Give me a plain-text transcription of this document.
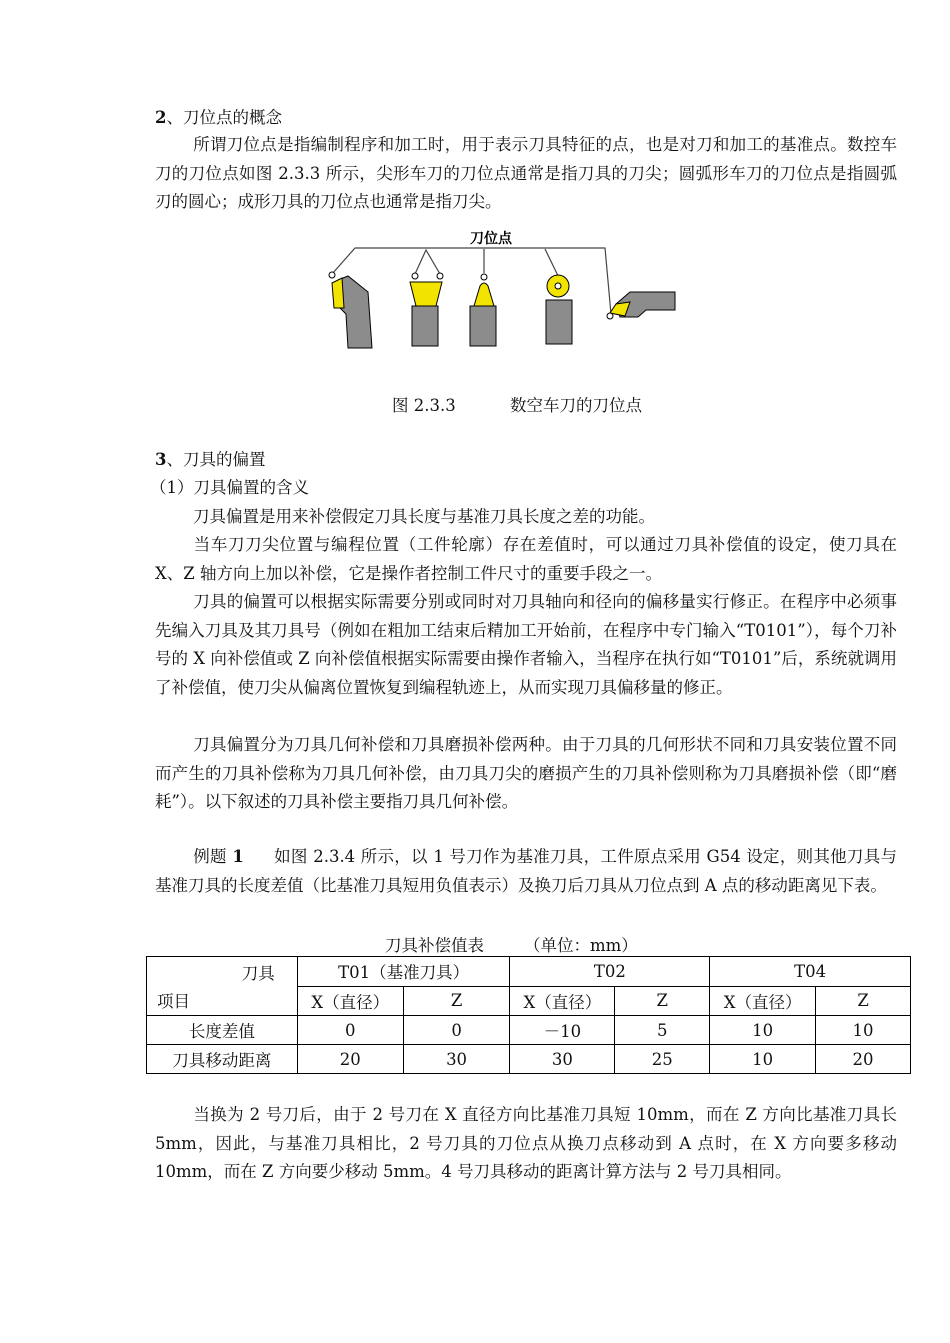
2、刀位点的概念
所谓刀位点是指编制程序和加工时，用于表示刀具特征的点，也是对刀和加工的基准点。数控车刀的刀位点如图 2.3.3 所示，尖形车刀的刀位点通常是指刀具的刀尖；圆弧形车刀的刀位点是指圆弧刃的圆心；成形刀具的刀位点也通常是指刀尖。
刀位点
图 2.3.3	数空车刀的刀位点
3、刀具的偏置
（1）刀具偏置的含义
刀具偏置是用来补偿假定刀具长度与基准刀具长度之差的功能。
当车刀刀尖位置与编程位置（工件轮廓）存在差值时，可以通过刀具补偿值的设定，使刀具在 X、Z 轴方向上加以补偿，它是操作者控制工件尺寸的重要手段之一。
刀具的偏置可以根据实际需要分别或同时对刀具轴向和径向的偏移量实行修正。在程序中必须事先编入刀具及其刀具号（例如在粗加工结束后精加工开始前，在程序中专门输入“T0101”），每个刀补号的 X 向补偿值或 Z 向补偿值根据实际需要由操作者输入，当程序在执行如“T0101”后，系统就调用了补偿值，使刀尖从偏离位置恢复到编程轨迹上，从而实现刀具偏移量的修正。
刀具偏置分为刀具几何补偿和刀具磨损补偿两种。由于刀具的几何形状不同和刀具安装位置不同而产生的刀具补偿称为刀具几何补偿，由刀具刀尖的磨损产生的刀具补偿则称为刀具磨损补偿（即“磨耗”）。以下叙述的刀具补偿主要指刀具几何补偿。
例题 1 如图 2.3.4 所示，以 1 号刀作为基准刀具，工件原点采用 G54 设定，则其他刀具与基准刀具的长度差值（比基准刀具短用负值表示）及换刀后刀具从刀位点到 A 点的移动距离见下表。
刀具补偿值表 （单位：mm）
刀具
项目	T01（基准刀具）		T02		T04	
	X（直径）	Z	X（直径）	Z	X（直径）	Z
长度差值	0	0	－10	5	10	10
刀具移动距离	20	30	30	25	10	20
当换为 2 号刀后，由于 2 号刀在 X 直径方向比基准刀具短 10mm，而在 Z 方向比基准刀具长 5mm，因此，与基准刀具相比，2 号刀具的刀位点从换刀点移动到 A 点时，在 X 方向要多移动 10mm，而在 Z 方向要少移动 5mm。4 号刀具移动的距离计算方法与 2 号刀具相同。
